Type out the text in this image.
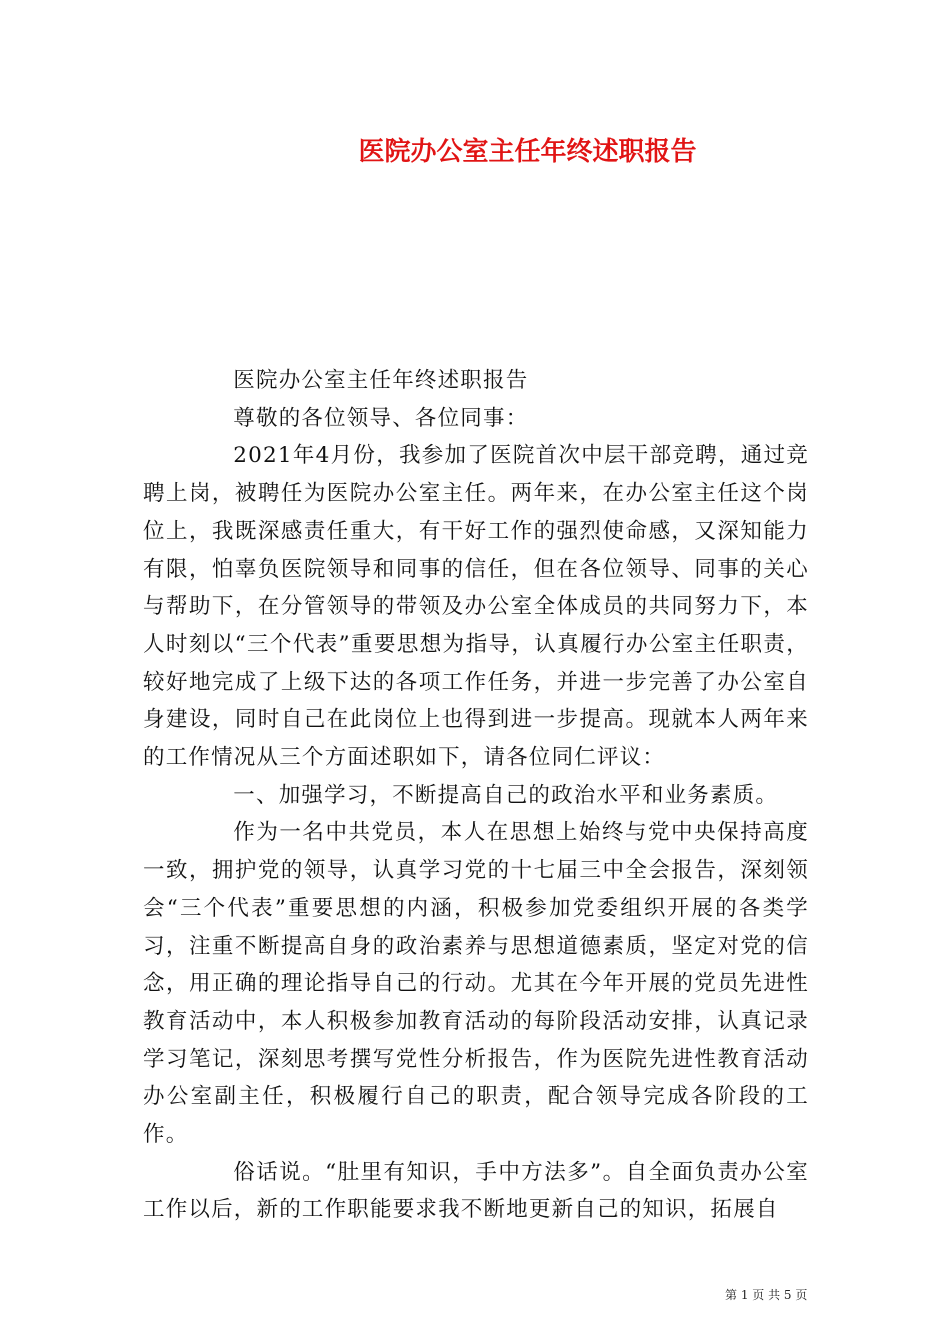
医院办公室主任年终述职报告

医院办公室主任年终述职报告

尊敬的各位领导、各位同事：

2021年4月份，我参加了医院首次中层干部竞聘，通过竞聘上岗，被聘任为医院办公室主任。两年来，在办公室主任这个岗位上，我既深感责任重大，有干好工作的强烈使命感，又深知能力有限，怕辜负医院领导和同事的信任，但在各位领导、同事的关心与帮助下，在分管领导的带领及办公室全体成员的共同努力下，本人时刻以“三个代表”重要思想为指导，认真履行办公室主任职责，较好地完成了上级下达的各项工作任务，并进一步完善了办公室自身建设，同时自己在此岗位上也得到进一步提高。现就本人两年来的工作情况从三个方面述职如下，请各位同仁评议：

一、加强学习，不断提高自己的政治水平和业务素质。

作为一名中共党员，本人在思想上始终与党中央保持高度一致，拥护党的领导，认真学习党的十七届三中全会报告，深刻领会“三个代表”重要思想的内涵，积极参加党委组织开展的各类学习，注重不断提高自身的政治素养与思想道德素质，坚定对党的信念，用正确的理论指导自己的行动。尤其在今年开展的党员先进性教育活动中，本人积极参加教育活动的每阶段活动安排，认真记录学习笔记，深刻思考撰写党性分析报告，作为医院先进性教育活动办公室副主任，积极履行自己的职责，配合领导完成各阶段的工作。

俗话说。“肚里有知识，手中方法多”。自全面负责办公室工作以后，新的工作职能要求我不断地更新自己的知识，拓展自

第 1 页 共 5 页
